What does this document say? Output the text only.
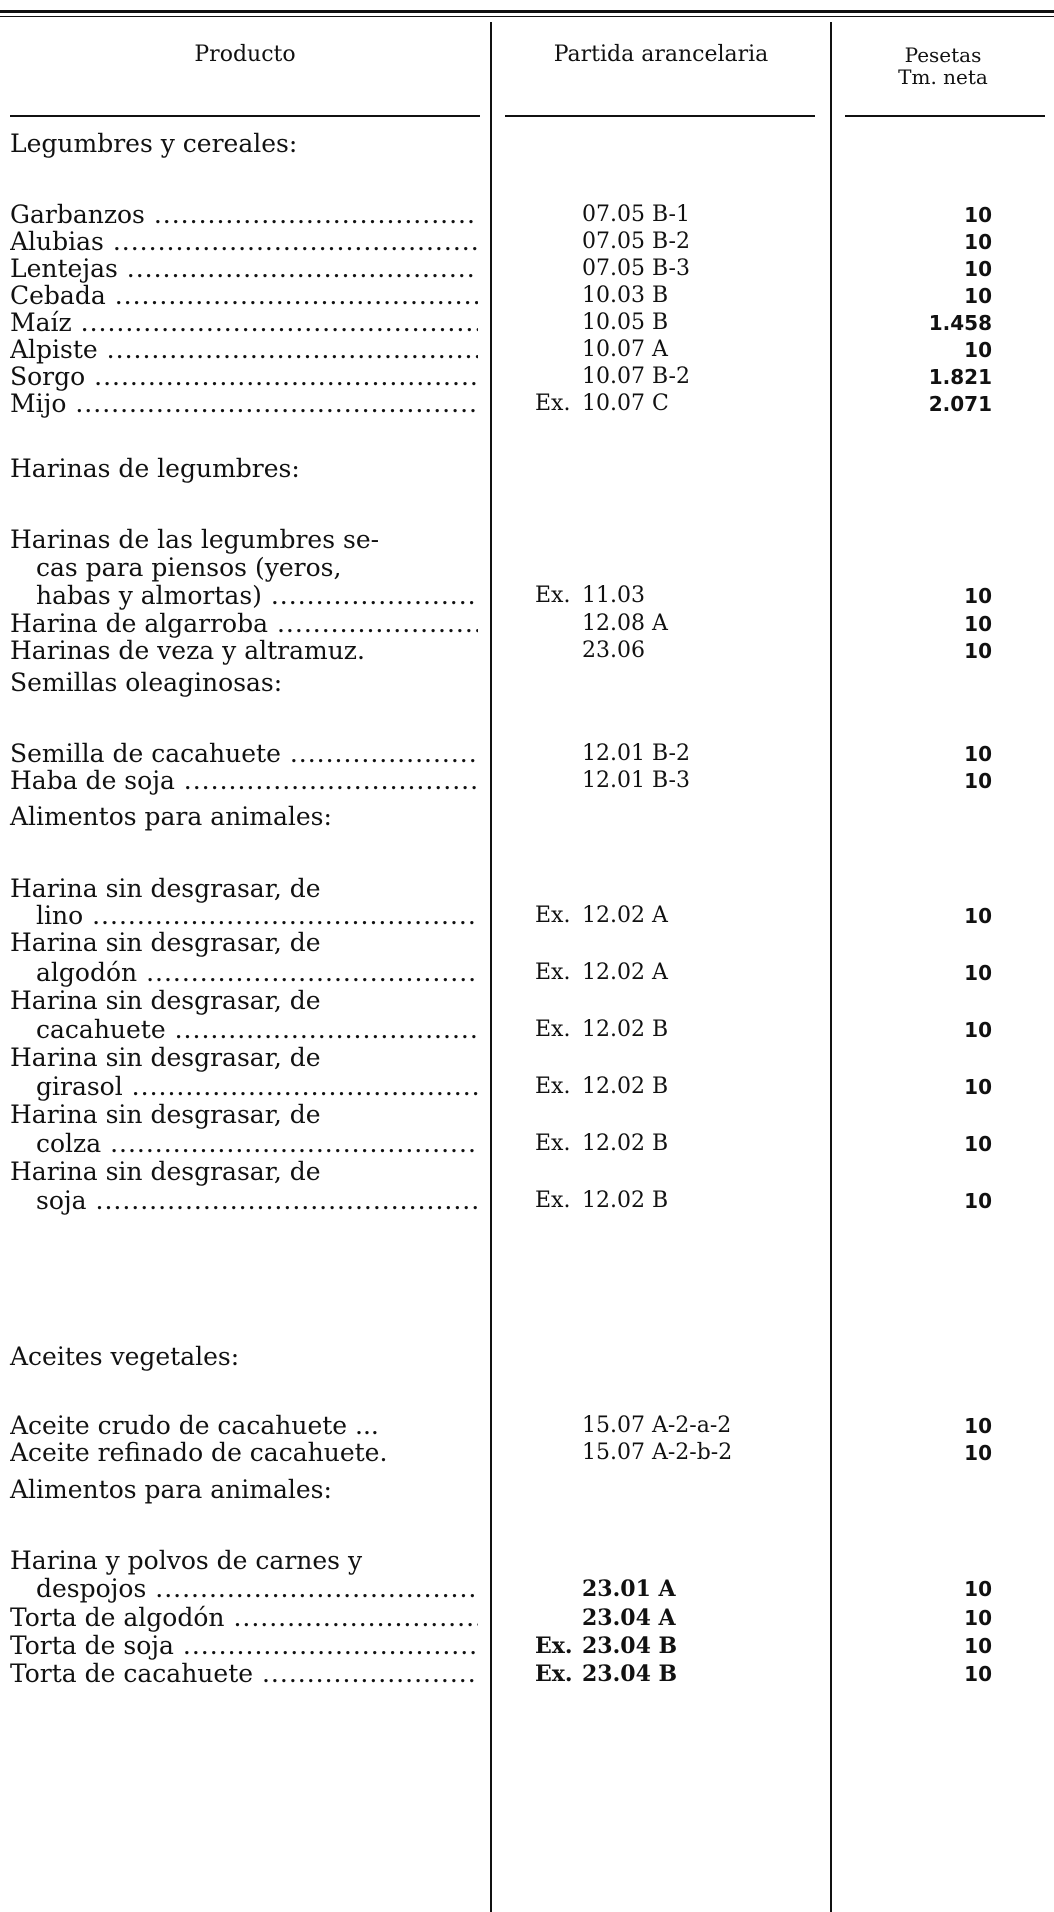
Producto	Partida arancelaria	Pesetas
Tm. neta
Legumbres y cereales:
Harinas de legumbres:
Semillas oleaginosas:
Alimentos para animales:
Aceites vegetales:
Alimentos para animales:
Garbanzos .....	07.05 B-1	10
Alubias .....	07.05 B-2	10
Lentejas .....	07.05 B-3	10
Cebada .....	10.03 B	10
Maíz .....	10.05 B	1.458
Alpiste .....	10.07 A	10
Sorgo .....	10.07 B-2	1.821
Mijo .....	Ex. 10.07 C	2.071
Harinas de las legumbres se-
cas para piensos (yeros,
habas y almortas) .....	Ex. 11.03	10
Harina de algarroba .....	12.08 A	10
Harinas de veza y altramuz.	23.06	10
Semilla de cacahuete .....	12.01 B-2	10
Haba de soja .....	12.01 B-3	10
Harina sin desgrasar, de
lino .....	Ex. 12.02 A	10
Harina sin desgrasar, de
algodón .....	Ex. 12.02 A	10
Harina sin desgrasar, de
cacahuete .....	Ex. 12.02 B	10
Harina sin desgrasar, de
girasol .....	Ex. 12.02 B	10
Harina sin desgrasar, de
colza .....	Ex. 12.02 B	10
Harina sin desgrasar, de
soja .....	Ex. 12.02 B	10
Aceite crudo de cacahuete ...	15.07 A-2-a-2	10
Aceite refinado de cacahuete.	15.07 A-2-b-2	10
Harina y polvos de carnes y
despojos .....	23.01 A	10
Torta de algodón .....	23.04 A	10
Torta de soja .....	Ex. 23.04 B	10
Torta de cacahuete .....	Ex. 23.04 B	10
